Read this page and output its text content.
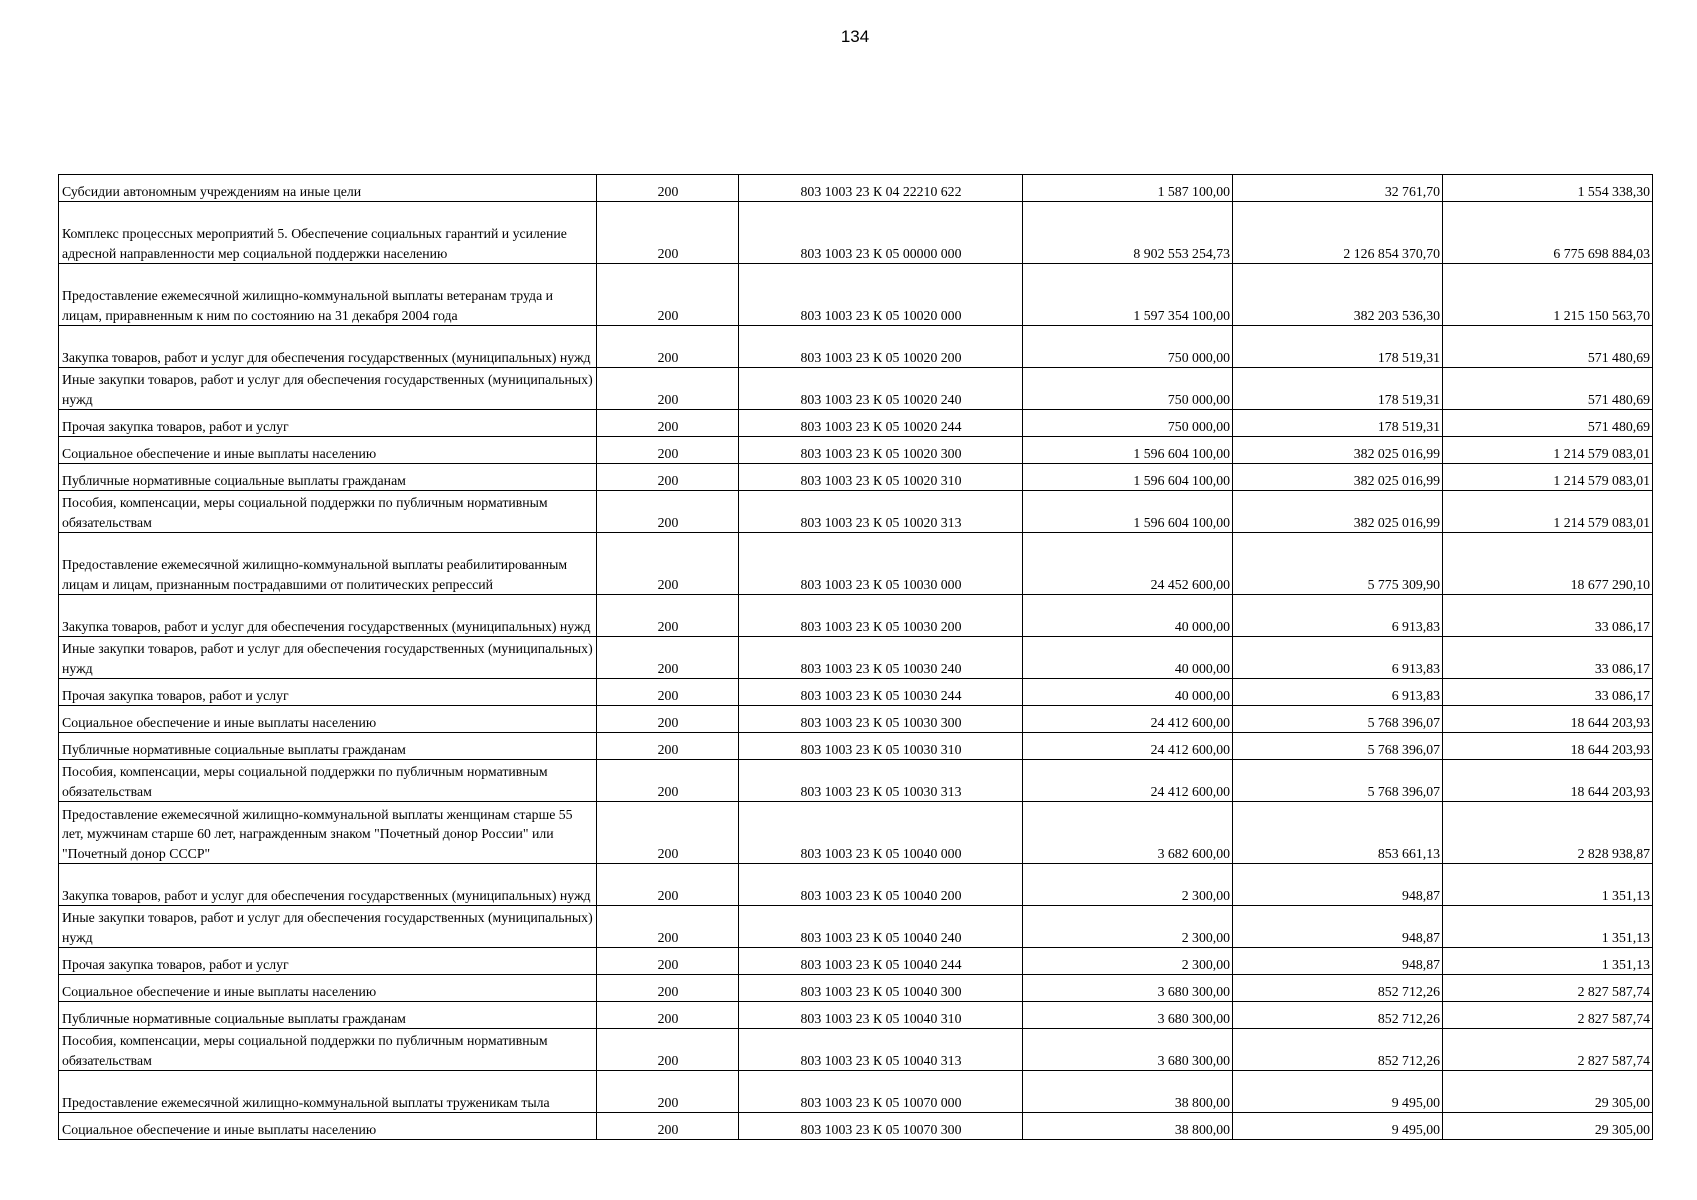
134
Субсидии автономным учреждениям на иные цели	200	803 1003 23 К 04 22210 622	1 587 100,00	32 761,70	1 554 338,30
Комплекс процессных мероприятий 5. Обеспечение социальных гарантий и усиление адресной направленности мер социальной поддержки населению	200	803 1003 23 К 05 00000 000	8 902 553 254,73	2 126 854 370,70	6 775 698 884,03
Предоставление ежемесячной жилищно-коммунальной выплаты ветеранам труда и лицам, приравненным к ним по состоянию на 31 декабря 2004 года	200	803 1003 23 К 05 10020 000	1 597 354 100,00	382 203 536,30	1 215 150 563,70
Закупка товаров, работ и услуг для обеспечения государственных (муниципальных) нужд	200	803 1003 23 К 05 10020 200	750 000,00	178 519,31	571 480,69
Иные закупки товаров, работ и услуг для обеспечения государственных (муниципальных) нужд	200	803 1003 23 К 05 10020 240	750 000,00	178 519,31	571 480,69
Прочая закупка товаров, работ и услуг	200	803 1003 23 К 05 10020 244	750 000,00	178 519,31	571 480,69
Социальное обеспечение и иные выплаты населению	200	803 1003 23 К 05 10020 300	1 596 604 100,00	382 025 016,99	1 214 579 083,01
Публичные нормативные социальные выплаты гражданам	200	803 1003 23 К 05 10020 310	1 596 604 100,00	382 025 016,99	1 214 579 083,01
Пособия, компенсации, меры социальной поддержки по публичным нормативным обязательствам	200	803 1003 23 К 05 10020 313	1 596 604 100,00	382 025 016,99	1 214 579 083,01
Предоставление ежемесячной жилищно-коммунальной выплаты реабилитированным лицам и лицам, признанным пострадавшими от политических репрессий	200	803 1003 23 К 05 10030 000	24 452 600,00	5 775 309,90	18 677 290,10
Закупка товаров, работ и услуг для обеспечения государственных (муниципальных) нужд	200	803 1003 23 К 05 10030 200	40 000,00	6 913,83	33 086,17
Иные закупки товаров, работ и услуг для обеспечения государственных (муниципальных) нужд	200	803 1003 23 К 05 10030 240	40 000,00	6 913,83	33 086,17
Прочая закупка товаров, работ и услуг	200	803 1003 23 К 05 10030 244	40 000,00	6 913,83	33 086,17
Социальное обеспечение и иные выплаты населению	200	803 1003 23 К 05 10030 300	24 412 600,00	5 768 396,07	18 644 203,93
Публичные нормативные социальные выплаты гражданам	200	803 1003 23 К 05 10030 310	24 412 600,00	5 768 396,07	18 644 203,93
Пособия, компенсации, меры социальной поддержки по публичным нормативным обязательствам	200	803 1003 23 К 05 10030 313	24 412 600,00	5 768 396,07	18 644 203,93
Предоставление ежемесячной жилищно-коммунальной выплаты женщинам старше 55 лет, мужчинам старше 60 лет, награжденным знаком "Почетный донор России" или "Почетный донор СССР"	200	803 1003 23 К 05 10040 000	3 682 600,00	853 661,13	2 828 938,87
Закупка товаров, работ и услуг для обеспечения государственных (муниципальных) нужд	200	803 1003 23 К 05 10040 200	2 300,00	948,87	1 351,13
Иные закупки товаров, работ и услуг для обеспечения государственных (муниципальных) нужд	200	803 1003 23 К 05 10040 240	2 300,00	948,87	1 351,13
Прочая закупка товаров, работ и услуг	200	803 1003 23 К 05 10040 244	2 300,00	948,87	1 351,13
Социальное обеспечение и иные выплаты населению	200	803 1003 23 К 05 10040 300	3 680 300,00	852 712,26	2 827 587,74
Публичные нормативные социальные выплаты гражданам	200	803 1003 23 К 05 10040 310	3 680 300,00	852 712,26	2 827 587,74
Пособия, компенсации, меры социальной поддержки по публичным нормативным обязательствам	200	803 1003 23 К 05 10040 313	3 680 300,00	852 712,26	2 827 587,74
Предоставление ежемесячной жилищно-коммунальной выплаты труженикам тыла	200	803 1003 23 К 05 10070 000	38 800,00	9 495,00	29 305,00
Социальное обеспечение и иные выплаты населению	200	803 1003 23 К 05 10070 300	38 800,00	9 495,00	29 305,00
